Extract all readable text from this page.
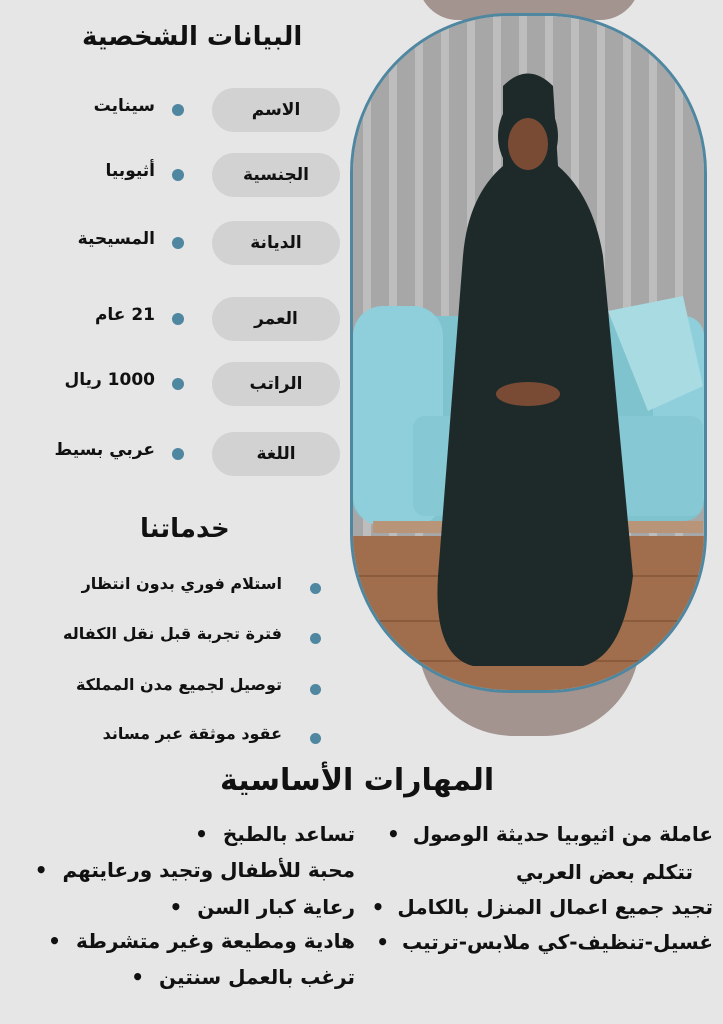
البيانات الشخصية
الاسم
سينايت
الجنسية
أثيوبيا
الديانة
المسيحية
العمر
21 عام
الراتب
1000 ريال
اللغة
عربي بسيط
خدماتنا
استلام فوري بدون انتظار
فترة تجربة قبل نقل الكفاله
توصيل لجميع مدن المملكة
عقود موثقة عبر مساند
المهارات الأساسية
عاملة من اثيوبيا حديثة الوصول •
تتكلم بعض العربي
تجيد جميع اعمال المنزل بالكامل •
غسيل-تنظيف-كي ملابس-ترتيب •
تساعد بالطبخ •
محبة للأطفال وتجيد ورعايتهم •
رعاية كبار السن •
هادية ومطيعة وغير متشرطة •
ترغب بالعمل سنتين •
